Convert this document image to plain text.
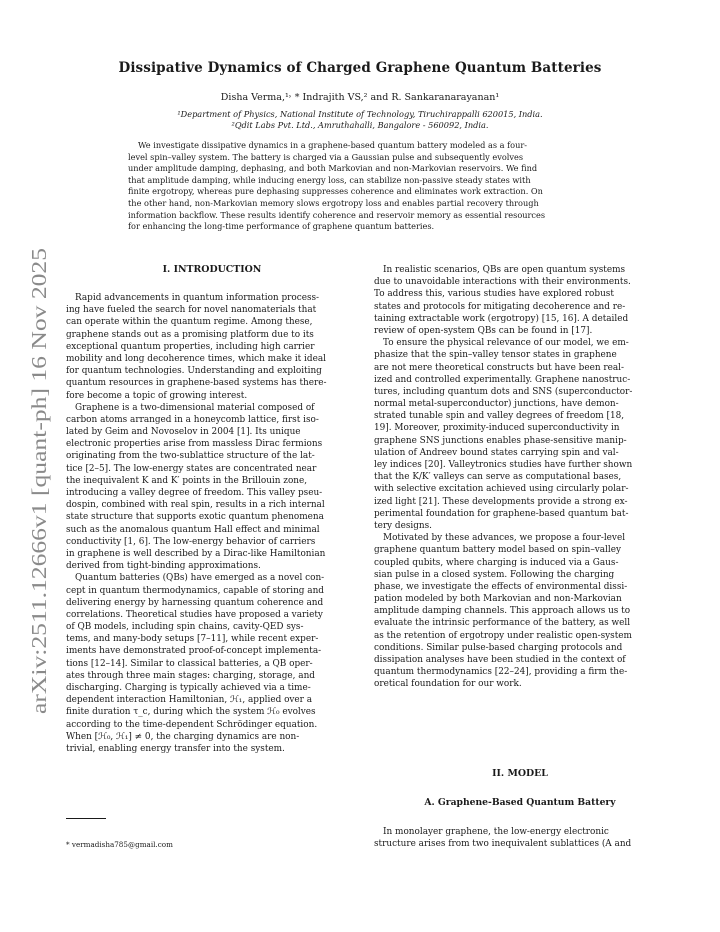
arXiv:2511.12666v1 [quant-ph] 16 Nov 2025
Dissipative Dynamics of Charged Graphene Quantum Batteries
Disha Verma,¹˒ * Indrajith VS,² and R. Sankaranarayanan¹
¹Department of Physics, National Institute of Technology, Tiruchirappalli 620015, India.
²Qdit Labs Pvt. Ltd., Amruthahalli, Bangalore - 560092, India.
We investigate dissipative dynamics in a graphene-based quantum battery modeled as a four-
level spin–valley system. The battery is charged via a Gaussian pulse and subsequently evolves
under amplitude damping, dephasing, and both Markovian and non-Markovian reservoirs. We find
that amplitude damping, while inducing energy loss, can stabilize non-passive steady states with
finite ergotropy, whereas pure dephasing suppresses coherence and eliminates work extraction. On
the other hand, non-Markovian memory slows ergotropy loss and enables partial recovery through
information backflow. These results identify coherence and reservoir memory as essential resources
for enhancing the long-time performance of graphene quantum batteries.
I. INTRODUCTION
Rapid advancements in quantum information process-
ing have fueled the search for novel nanomaterials that
can operate within the quantum regime. Among these,
graphene stands out as a promising platform due to its
exceptional quantum properties, including high carrier
mobility and long decoherence times, which make it ideal
for quantum technologies. Understanding and exploiting
quantum resources in graphene-based systems has there-
fore become a topic of growing interest.
Graphene is a two-dimensional material composed of
carbon atoms arranged in a honeycomb lattice, first iso-
lated by Geim and Novoselov in 2004 [1]. Its unique
electronic properties arise from massless Dirac fermions
originating from the two-sublattice structure of the lat-
tice [2–5]. The low-energy states are concentrated near
the inequivalent K and K′ points in the Brillouin zone,
introducing a valley degree of freedom. This valley pseu-
dospin, combined with real spin, results in a rich internal
state structure that supports exotic quantum phenomena
such as the anomalous quantum Hall effect and minimal
conductivity [1, 6]. The low-energy behavior of carriers
in graphene is well described by a Dirac-like Hamiltonian
derived from tight-binding approximations.
Quantum batteries (QBs) have emerged as a novel con-
cept in quantum thermodynamics, capable of storing and
delivering energy by harnessing quantum coherence and
correlations. Theoretical studies have proposed a variety
of QB models, including spin chains, cavity-QED sys-
tems, and many-body setups [7–11], while recent exper-
iments have demonstrated proof-of-concept implementa-
tions [12–14]. Similar to classical batteries, a QB oper-
ates through three main stages: charging, storage, and
discharging. Charging is typically achieved via a time-
dependent interaction Hamiltonian, ℋ₁, applied over a
finite duration τ_c, during which the system ℋ₀ evolves
according to the time-dependent Schrödinger equation.
When [ℋ₀, ℋ₁] ≠ 0, the charging dynamics are non-
trivial, enabling energy transfer into the system.
In realistic scenarios, QBs are open quantum systems
due to unavoidable interactions with their environments.
To address this, various studies have explored robust
states and protocols for mitigating decoherence and re-
taining extractable work (ergotropy) [15, 16]. A detailed
review of open-system QBs can be found in [17].
To ensure the physical relevance of our model, we em-
phasize that the spin–valley tensor states in graphene
are not mere theoretical constructs but have been real-
ized and controlled experimentally. Graphene nanostruc-
tures, including quantum dots and SNS (superconductor-
normal metal-superconductor) junctions, have demon-
strated tunable spin and valley degrees of freedom [18,
19]. Moreover, proximity-induced superconductivity in
graphene SNS junctions enables phase-sensitive manip-
ulation of Andreev bound states carrying spin and val-
ley indices [20]. Valleytronics studies have further shown
that the K/K′ valleys can serve as computational bases,
with selective excitation achieved using circularly polar-
ized light [21]. These developments provide a strong ex-
perimental foundation for graphene-based quantum bat-
tery designs.
Motivated by these advances, we propose a four-level
graphene quantum battery model based on spin–valley
coupled qubits, where charging is induced via a Gaus-
sian pulse in a closed system. Following the charging
phase, we investigate the effects of environmental dissi-
pation modeled by both Markovian and non-Markovian
amplitude damping channels. This approach allows us to
evaluate the intrinsic performance of the battery, as well
as the retention of ergotropy under realistic open-system
conditions. Similar pulse-based charging protocols and
dissipation analyses have been studied in the context of
quantum thermodynamics [22–24], providing a firm the-
oretical foundation for our work.
II. MODEL
A. Graphene-Based Quantum Battery
In monolayer graphene, the low-energy electronic
structure arises from two inequivalent sublattices (A and
* vermadisha785@gmail.com
